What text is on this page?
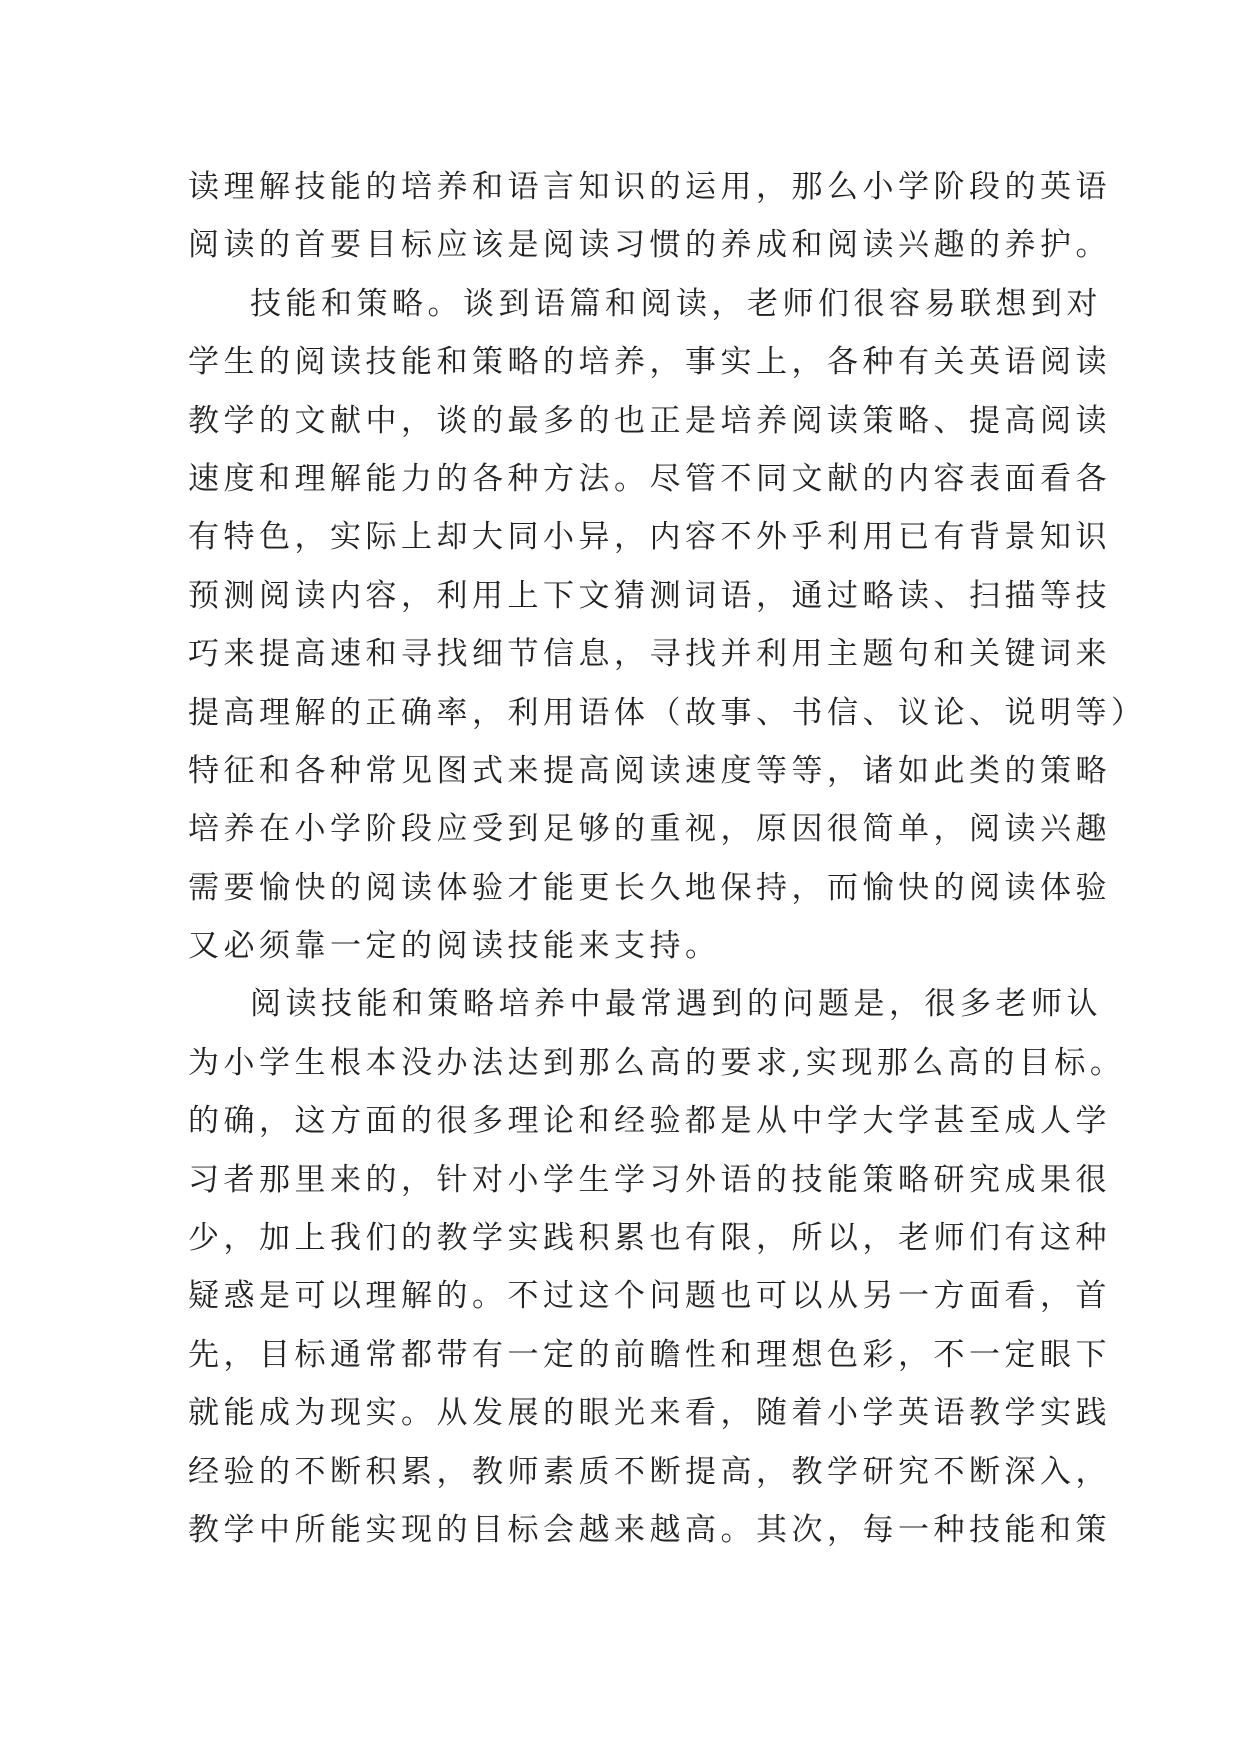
读理解技能的培养和语言知识的运用，那么小学阶段的英语
阅读的首要目标应该是阅读习惯的养成和阅读兴趣的养护。
技能和策略。谈到语篇和阅读，老师们很容易联想到对
学生的阅读技能和策略的培养，事实上，各种有关英语阅读
教学的文献中，谈的最多的也正是培养阅读策略、提高阅读
速度和理解能力的各种方法。尽管不同文献的内容表面看各
有特色，实际上却大同小异，内容不外乎利用已有背景知识
预测阅读内容，利用上下文猜测词语，通过略读、扫描等技
巧来提高速和寻找细节信息，寻找并利用主题句和关键词来
提高理解的正确率，利用语体（故事、书信、议论、说明等）
特征和各种常见图式来提高阅读速度等等，诸如此类的策略
培养在小学阶段应受到足够的重视，原因很简单，阅读兴趣
需要愉快的阅读体验才能更长久地保持，而愉快的阅读体验
又必须靠一定的阅读技能来支持。
阅读技能和策略培养中最常遇到的问题是，很多老师认
为小学生根本没办法达到那么高的要求,实现那么高的目标。
的确，这方面的很多理论和经验都是从中学大学甚至成人学
习者那里来的，针对小学生学习外语的技能策略研究成果很
少，加上我们的教学实践积累也有限，所以，老师们有这种
疑惑是可以理解的。不过这个问题也可以从另一方面看，首
先，目标通常都带有一定的前瞻性和理想色彩，不一定眼下
就能成为现实。从发展的眼光来看，随着小学英语教学实践
经验的不断积累，教师素质不断提高，教学研究不断深入，
教学中所能实现的目标会越来越高。其次，每一种技能和策
